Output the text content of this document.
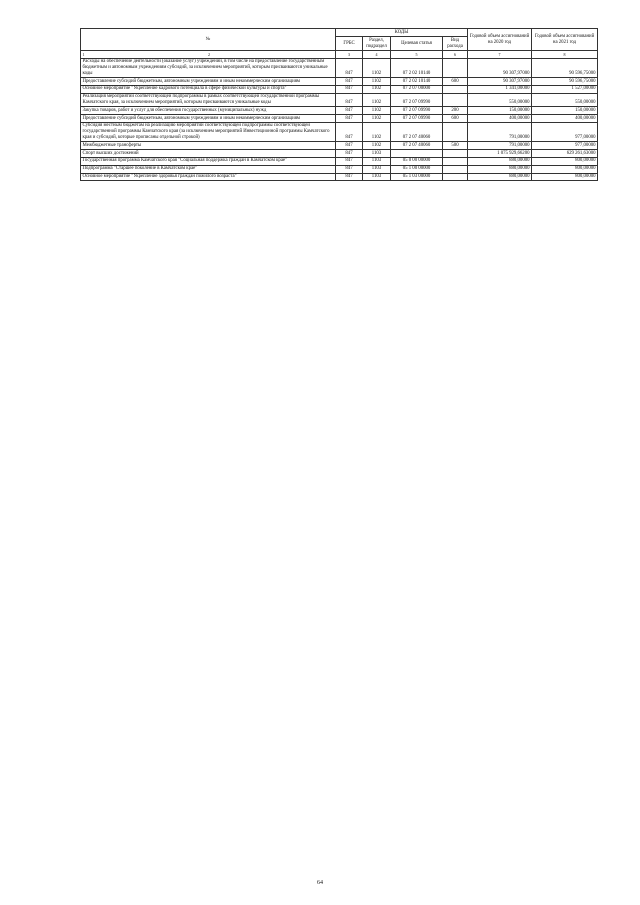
№	КОДЫ				Годовой объем ассигнований на 2020 год	Годовой объем ассигнований на 2021 год
	ГРБС	Раздел, подраздел	Целевая статья	Вид расхода		

1 2	3	4	5	6	7	8
Расходы на обеспечение деятельности (оказание услуг) учреждений, в том числе на предоставление государственным бюджетным и автономным учреждениям субсидий, за исключением мероприятий, которым присваиваются уникальные коды	847	1102	07 2 02 10140		90 307,97000	90 596,75000
Предоставление субсидий бюджетным, автономным учреждениям и иным некоммерческим организациям	847	1102	07 2 02 10140	600	90 307,97000	90 596,75000
Основное мероприятие "Укрепление кадрового потенциала в сфере физической культуры и спорта"	847	1102	07 2 07 00000		1 341,00000	1 527,00000
Реализация мероприятий соответствующей подпрограммы в рамках соответствующей государственной программы Камчатского края, за исключением мероприятий, которым присваиваются уникальные коды	847	1102	07 2 07 09990		550,00000	550,00000
Закупка товаров, работ и услуг для обеспечения государственных (муниципальных) нужд	847	1102	07 2 07 09990	200	150,00000	150,00000
Предоставление субсидий бюджетным, автономным учреждениям и иным некоммерческим организациям	847	1102	07 2 07 09990	600	400,00000	400,00000
Субсидия местным бюджетам на реализацию мероприятий соответствующей подпрограммы соответствующей государственной программы Камчатского края (за исключением мероприятий Инвестиционной программы Камчатского края и субсидий, которые прописаны отдельной строкой)	847	1102	07 2 07 40060		791,00000	977,00000
Межбюджетные трансферты	847	1102	07 2 07 40060	500	791,00000	977,00000
Спорт высших достижений	847	1103			1 075 929,66200	629 261,63000
Государственная программа Камчатского края "Социальная поддержка граждан в Камчатском крае"	847	1103	05 0 00 00000		880,00000	800,00000
Подпрограмма "Старшее поколение в Камчатском крае"	847	1103	05 1 00 00000		880,00000	800,00000
Основное мероприятие "Укрепление здоровья граждан пожилого возраста"	847	1103	05 1 03 00000		880,00000	800,00000
64
